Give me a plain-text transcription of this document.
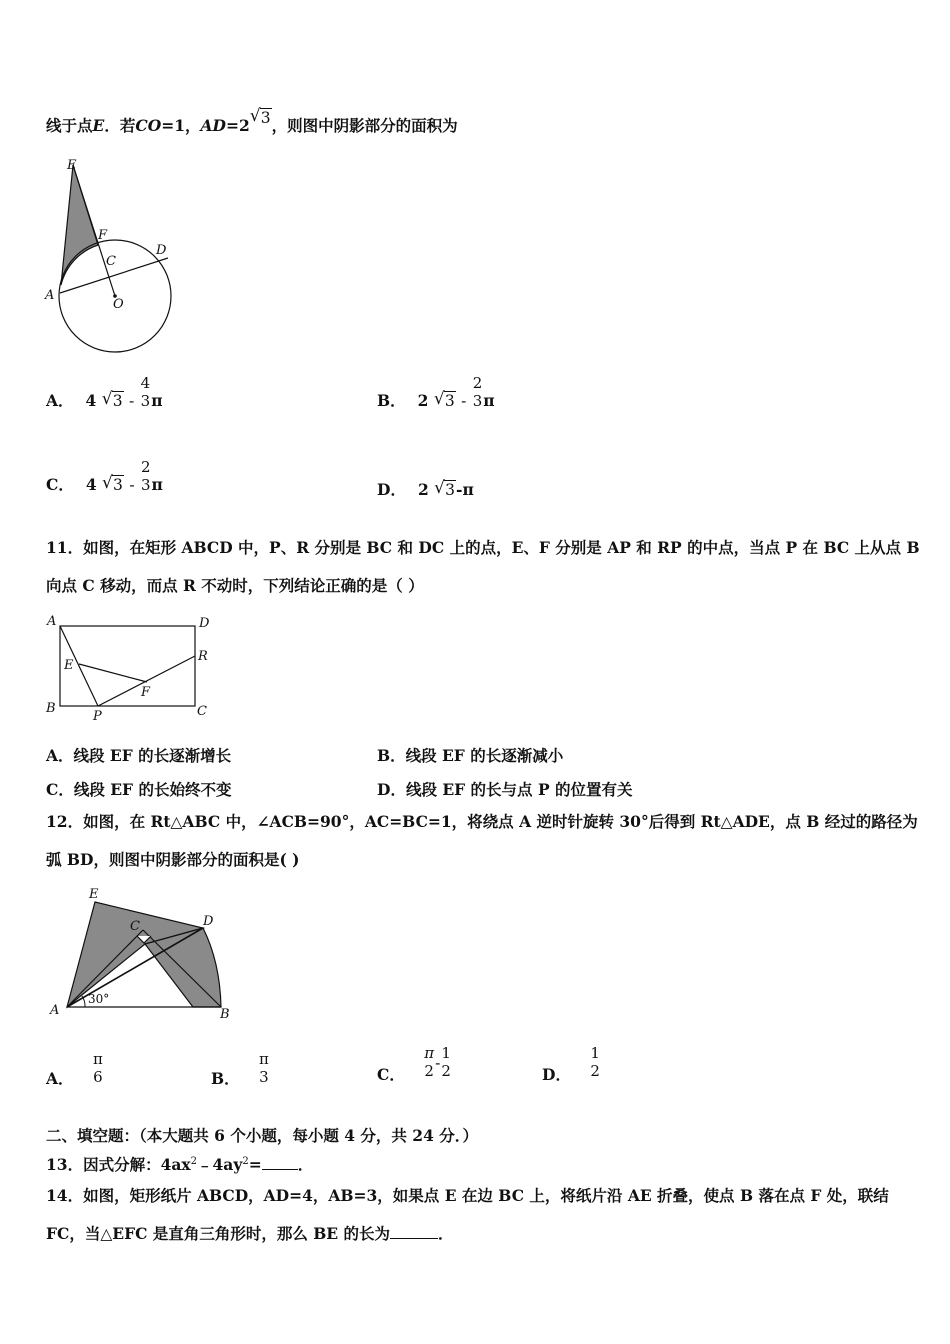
线于点E．若CO=1，AD=2 √ 3，则图中阴影部分的面积为
E
F
C
D
A
O
A． 4 √ 3 -
4
3 π	B． 2 √ 3 -
2
3 π
C． 4 √ 3 -
2
3 π	D． 2 √ 3-π
11．如图，在矩形 ABCD 中，P、R 分别是 BC 和 DC 上的点，E、F 分别是 AP 和 RP 的中点，当点 P 在 BC 上从点 B
向点 C 移动，而点 R 不动时，下列结论正确的是（ ）
A	D
E
R
F
B
P	C
A．线段 EF 的长逐渐增长	B．线段 EF 的长逐渐减小
C．线段 EF 的长始终不变	D．线段 EF 的长与点 P 的位置有关
12．如图，在 Rt△ABC 中，∠ACB=90°，AC=BC=1，将绕点 A 逆时针旋转 30°后得到 Rt△ADE，点 B 经过的路径为
弧 BD，则图中阴影部分的面积是( )
E
C	D
A	B
30°
A．
π
6	B．
π
3	C．
π
2 -
1
2	D．
1
2
二、填空题：（本大题共 6 个小题，每小题 4 分，共 24 分．）
13．因式分解：$4ax^2﹣4ay^2=$ ．
14．如图，矩形纸片 ABCD，AD=4，AB=3，如果点 E 在边 BC 上，将纸片沿 AE 折叠，使点 B 落在点 F 处，联结
FC，当△EFC 是直角三角形时，那么 BE 的长为	．
